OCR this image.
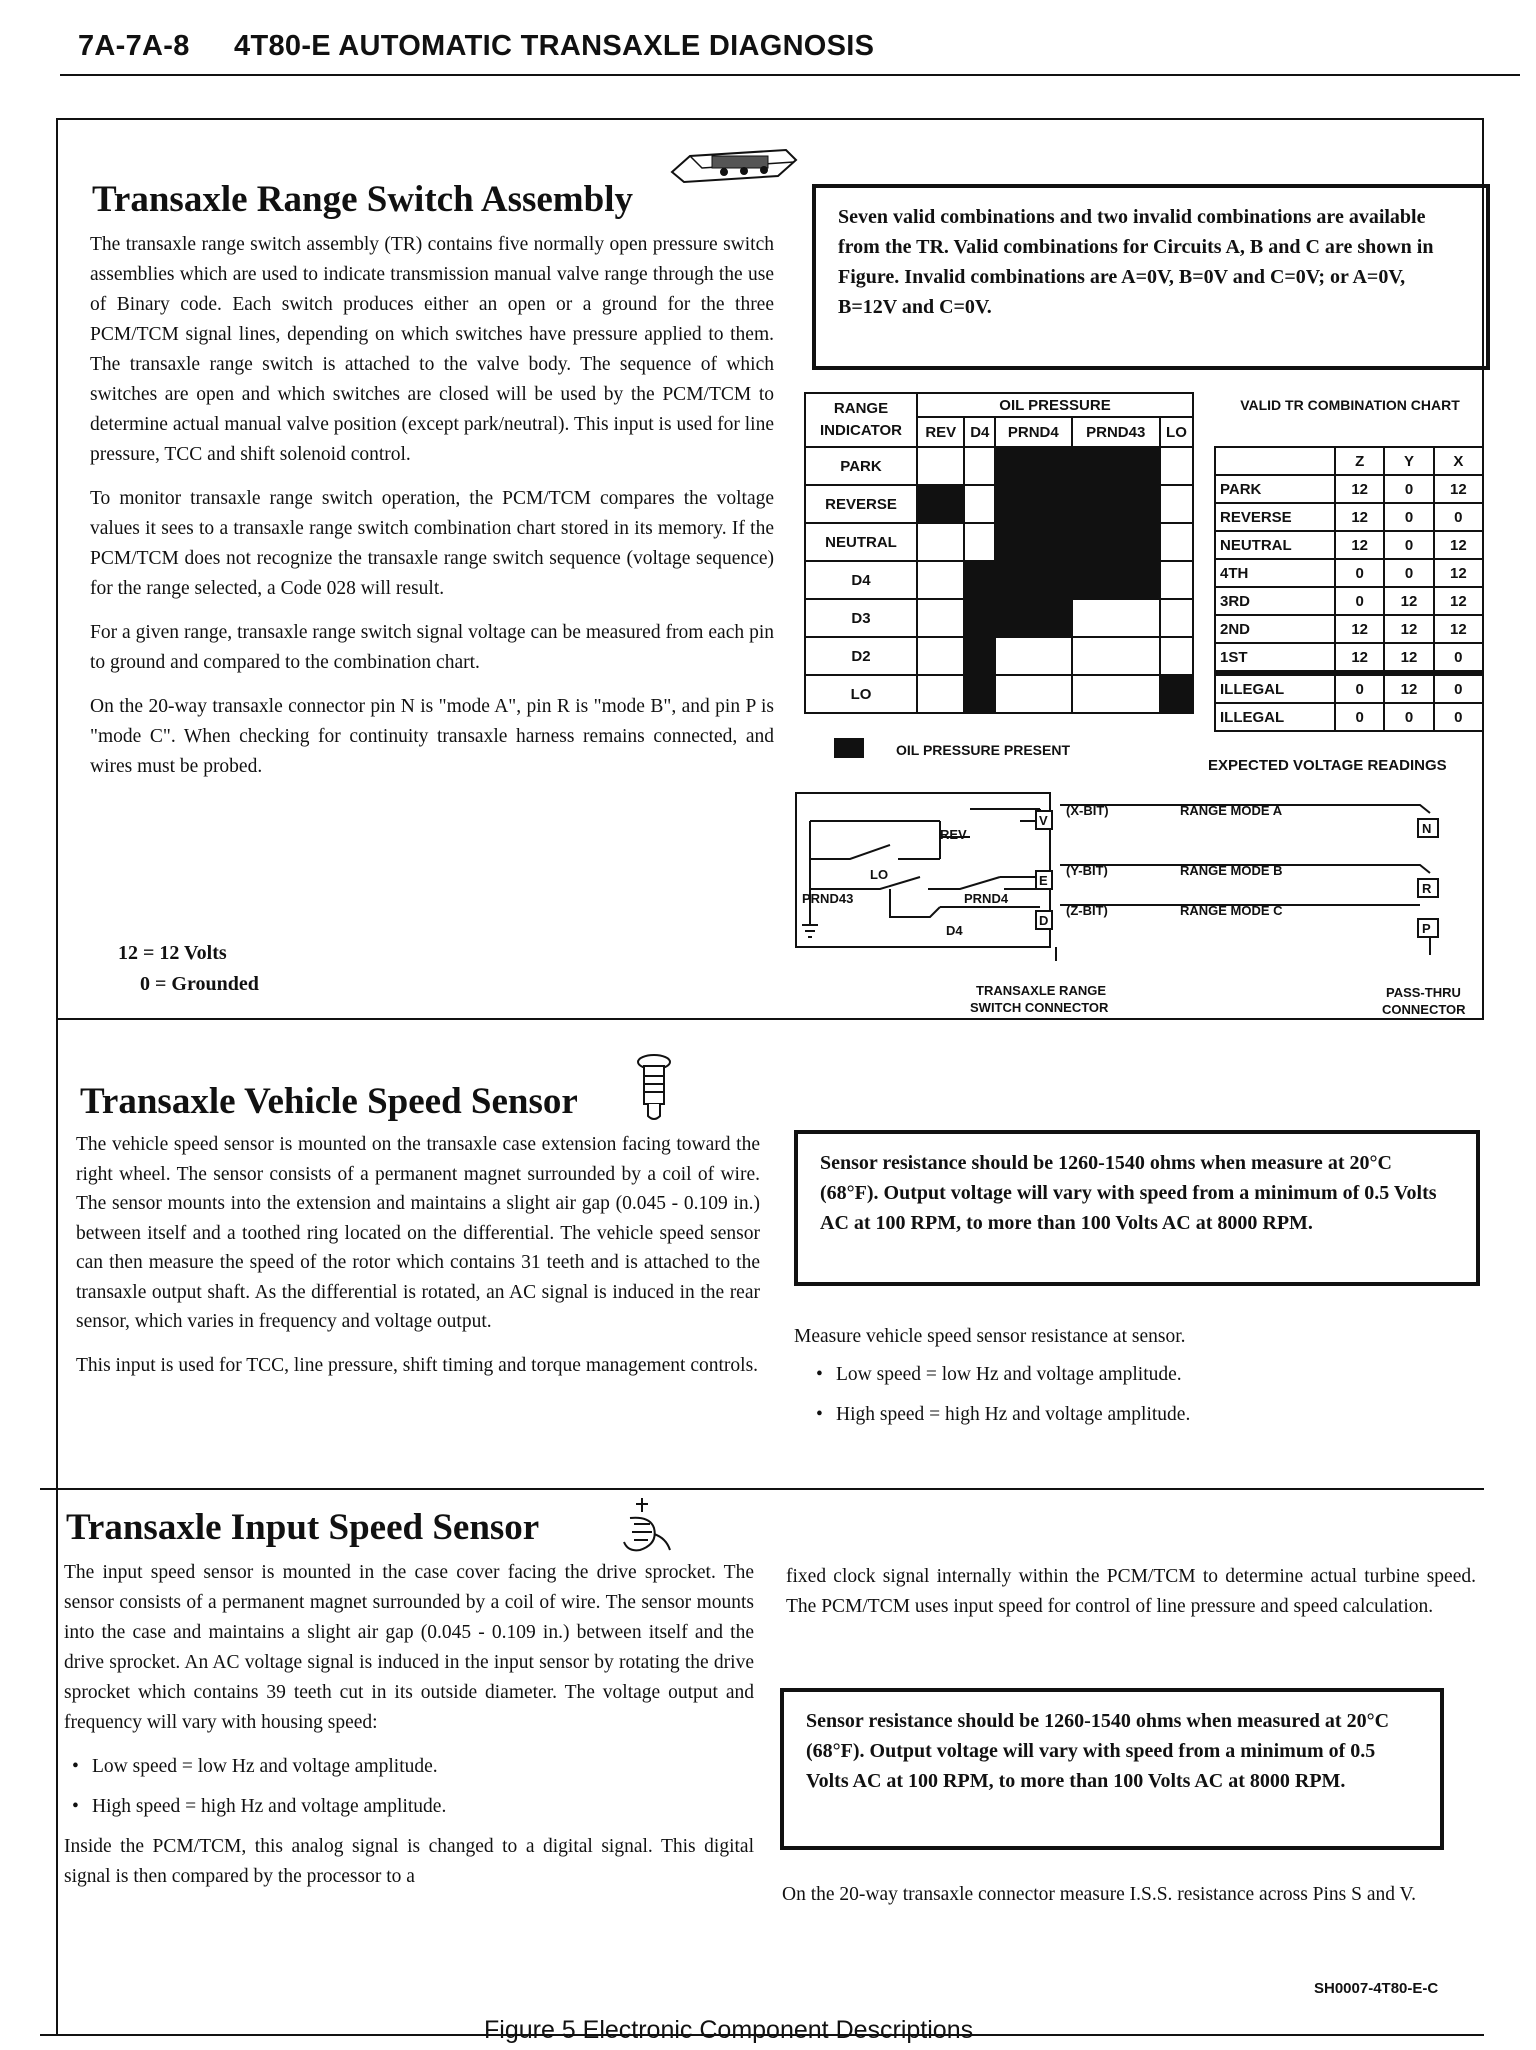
7A-7A-8 4T80-E AUTOMATIC TRANSAXLE DIAGNOSIS
Transaxle Range Switch Assembly

The transaxle range switch assembly (TR) contains five normally open pressure switch assemblies which are used to indicate transmission manual valve range through the use of Binary code. Each switch produces either an open or a ground for the three PCM/TCM signal lines, depending on which switches have pressure applied to them. The transaxle range switch is attached to the valve body. The sequence of which switches are open and which switches are closed will be used by the PCM/TCM to determine actual manual valve position (except park/neutral). This input is used for line pressure, TCC and shift solenoid control.

To monitor transaxle range switch operation, the PCM/TCM compares the voltage values it sees to a transaxle range switch combination chart stored in its memory. If the PCM/TCM does not recognize the transaxle range switch sequence (voltage sequence) for the range selected, a Code 028 will result.

For a given range, transaxle range switch signal voltage can be measured from each pin to ground and compared to the combination chart.

On the 20-way transaxle connector pin N is "mode A", pin R is "mode B", and pin P is "mode C". When checking for continuity transaxle harness remains connected, and wires must be probed.

12 = 12 Volts
0 = Grounded
Seven valid combinations and two invalid combinations are available from the TR. Valid combinations for Circuits A, B and C are shown in Figure. Invalid combinations are A=0V, B=0V and C=0V; or A=0V, B=12V and C=0V.
RANGE
INDICATOR	OIL PRESSURE				
	REV	D4	PRND4	PRND43	LO
PARK					
REVERSE					
NEUTRAL					
D4					
D3					
D2					
LO					
OIL PRESSURE PRESENT
VALID TR COMBINATION CHART
	Z	Y	X
PARK	12	0	12
REVERSE	12	0	0
NEUTRAL	12	0	12
4TH	0	0	12
3RD	0	12	12
2ND	12	12	12
1ST	12	12	0
ILLEGAL	0	12	0
ILLEGAL	0	0	0
EXPECTED VOLTAGE READINGS
REV
LO
PRND43	PRND4
D4
V
E
D
(X-BIT)
(Y-BIT)
(Z-BIT)
RANGE MODE A
RANGE MODE B
RANGE MODE C
N
R
P
TRANSAXLE RANGE
SWITCH CONNECTOR
PASS-THRU
CONNECTOR
Transaxle Vehicle Speed Sensor

The vehicle speed sensor is mounted on the transaxle case extension facing toward the right wheel. The sensor consists of a permanent magnet surrounded by a coil of wire. The sensor mounts into the extension and maintains a slight air gap (0.045 - 0.109 in.) between itself and a toothed ring located on the differential. The vehicle speed sensor can then measure the speed of the rotor which contains 31 teeth and is attached to the transaxle output shaft. As the differential is rotated, an AC signal is induced in the rear sensor, which varies in frequency and voltage output.

This input is used for TCC, line pressure, shift timing and torque management controls.

Sensor resistance should be 1260-1540 ohms when measure at 20°C (68°F). Output voltage will vary with speed from a minimum of 0.5 Volts AC at 100 RPM, to more than 100 Volts AC at 8000 RPM.
Measure vehicle speed sensor resistance at sensor.
• Low speed = low Hz and voltage amplitude.
• High speed = high Hz and voltage amplitude.
Transaxle Input Speed Sensor

The input speed sensor is mounted in the case cover facing the drive sprocket. The sensor consists of a permanent magnet surrounded by a coil of wire. The sensor mounts into the case and maintains a slight air gap (0.045 - 0.109 in.) between itself and the drive sprocket. An AC voltage signal is induced in the input sensor by rotating the drive sprocket which contains 39 teeth cut in its outside diameter. The voltage output and frequency will vary with housing speed:

• Low speed = low Hz and voltage amplitude.
• High speed = high Hz and voltage amplitude.

Inside the PCM/TCM, this analog signal is changed to a digital signal. This digital signal is then compared by the processor to a

fixed clock signal internally within the PCM/TCM to determine actual turbine speed. The PCM/TCM uses input speed for control of line pressure and speed calculation.
Sensor resistance should be 1260-1540 ohms when measured at 20°C (68°F). Output voltage will vary with speed from a minimum of 0.5 Volts AC at 100 RPM, to more than 100 Volts AC at 8000 RPM.
On the 20-way transaxle connector measure I.S.S. resistance across Pins S and V.
SH0007-4T80-E-C
Figure 5 Electronic Component Descriptions
